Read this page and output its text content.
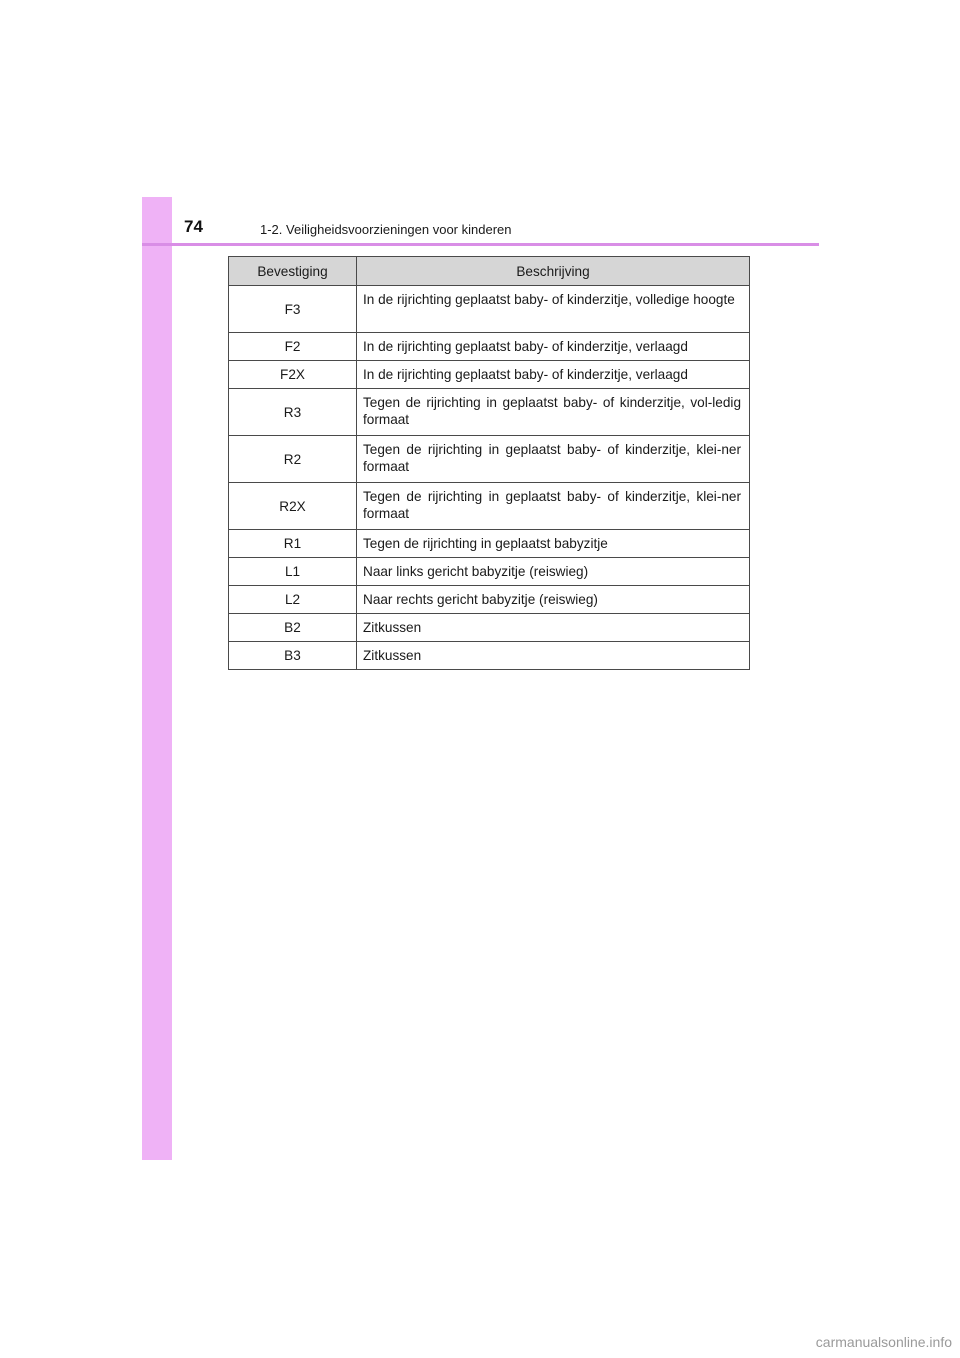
74	1-2. Veiligheidsvoorzieningen voor kinderen
Bevestiging	Beschrijving
F3	In de rijrichting geplaatst baby- of kinderzitje, volledige hoogte
F2	In de rijrichting geplaatst baby- of kinderzitje, verlaagd
F2X	In de rijrichting geplaatst baby- of kinderzitje, verlaagd
R3	Tegen de rijrichting in geplaatst baby- of kinderzitje, vol-ledig formaat
R2	Tegen de rijrichting in geplaatst baby- of kinderzitje, klei-ner formaat
R2X	Tegen de rijrichting in geplaatst baby- of kinderzitje, klei-ner formaat
R1	Tegen de rijrichting in geplaatst babyzitje
L1	Naar links gericht babyzitje (reiswieg)
L2	Naar rechts gericht babyzitje (reiswieg)
B2	Zitkussen
B3	Zitkussen
carmanualsonline.info
